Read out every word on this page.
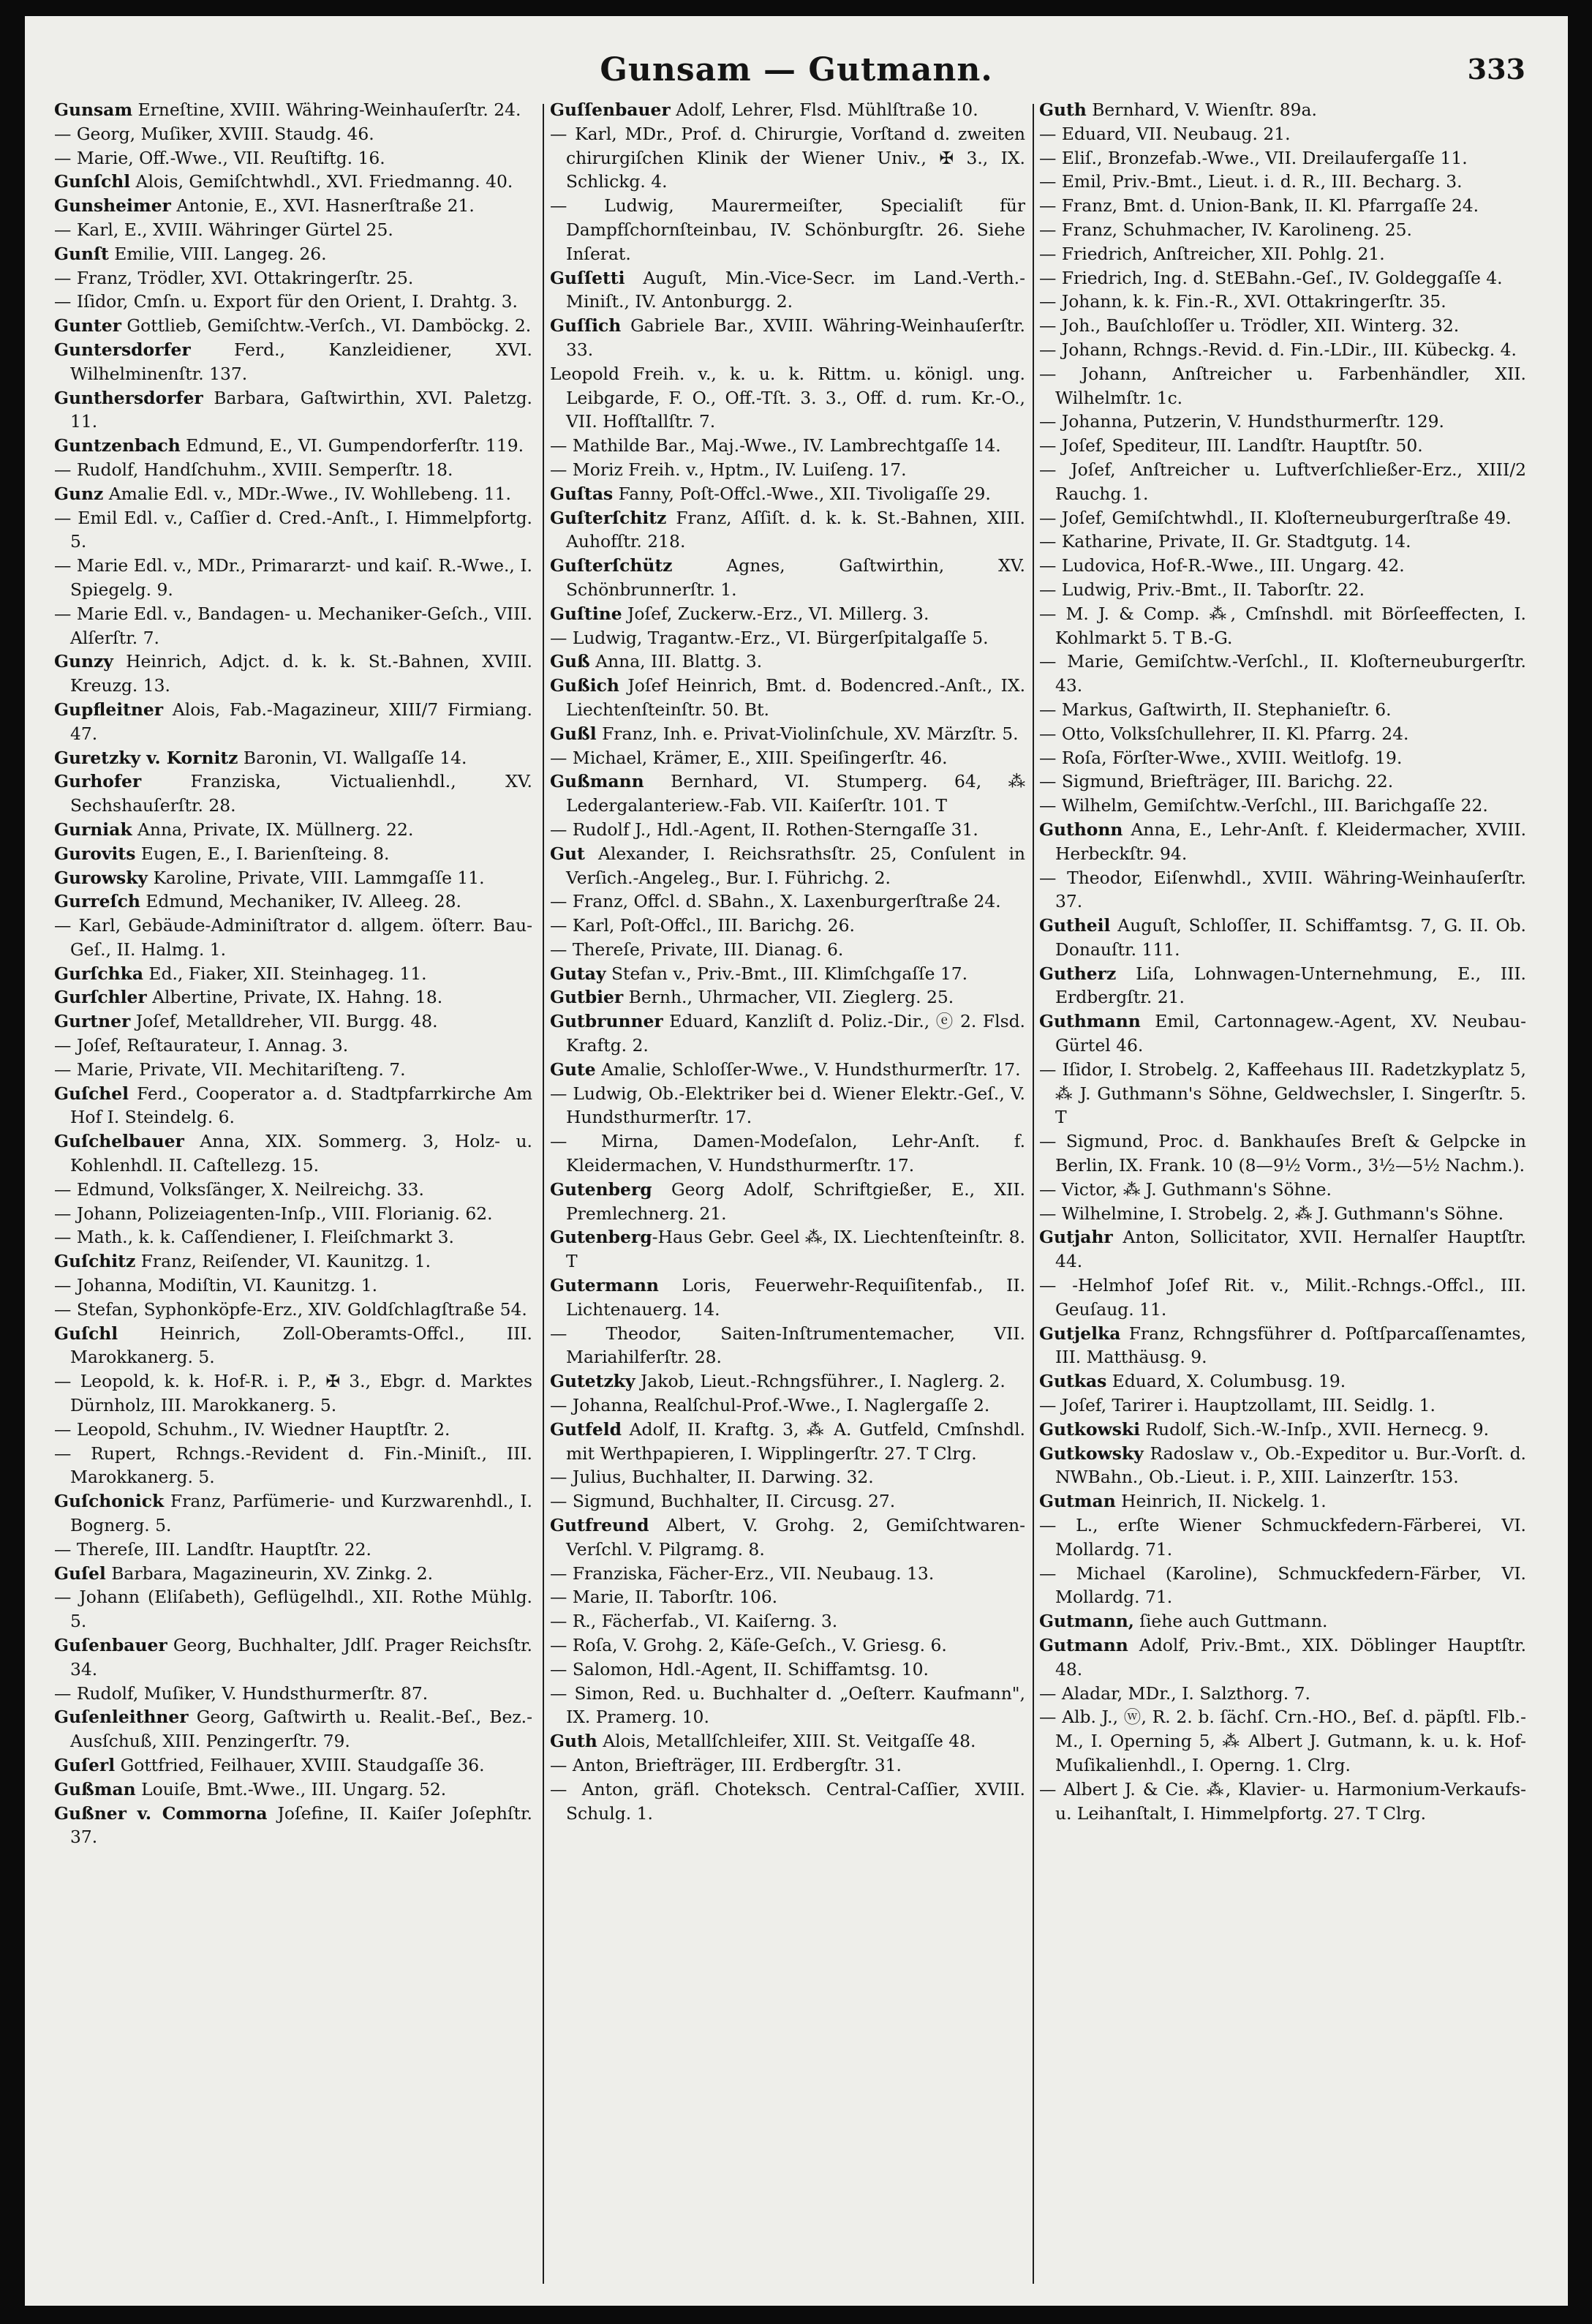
Gunsam — Gutmann.	333
Gunsam Erneſtine, XVIII. Währing-Weinhauſerſtr. 24.
— Georg, Muſiker, XVIII. Staudg. 46.
— Marie, Off.-Wwe., VII. Reuſtiftg. 16.
Gunſchl Alois, Gemiſchtwhdl., XVI. Friedmanng. 40.
Gunsheimer Antonie, E., XVI. Hasnerſtraße 21.
— Karl, E., XVIII. Währinger Gürtel 25.
Gunſt Emilie, VIII. Langeg. 26.
— Franz, Trödler, XVI. Ottakringerſtr. 25.
— Iſidor, Cmſn. u. Export für den Orient, I. Drahtg. 3.
Gunter Gottlieb, Gemiſchtw.-Verſch., VI. Damböckg. 2.
Guntersdorfer Ferd., Kanzleidiener, XVI. Wilhelminenſtr. 137.
Gunthersdorfer Barbara, Gaſtwirthin, XVI. Paletzg. 11.
Guntzenbach Edmund, E., VI. Gumpendorferſtr. 119.
— Rudolf, Handſchuhm., XVIII. Semperſtr. 18.
Gunz Amalie Edl. v., MDr.-Wwe., IV. Wohllebeng. 11.
— Emil Edl. v., Caſſier d. Cred.-Anſt., I. Himmelpfortg. 5.
— Marie Edl. v., MDr., Primararzt- und kaiſ. R.-Wwe., I. Spiegelg. 9.
— Marie Edl. v., Bandagen- u. Mechaniker-Geſch., VIII. Alſerſtr. 7.
Gunzy Heinrich, Adjct. d. k. k. St.-Bahnen, XVIII. Kreuzg. 13.
Gupfleitner Alois, Fab.-Magazineur, XIII/7 Firmiang. 47.
Guretzky v. Kornitz Baronin, VI. Wallgaſſe 14.
Gurhofer Franziska, Victualienhdl., XV. Sechshauſerſtr. 28.
Gurniak Anna, Private, IX. Müllnerg. 22.
Gurovits Eugen, E., I. Barienſteing. 8.
Gurowsky Karoline, Private, VIII. Lammgaſſe 11.
Gurreſch Edmund, Mechaniker, IV. Alleeg. 28.
— Karl, Gebäude-Adminiſtrator d. allgem. öſterr. Bau-Geſ., II. Halmg. 1.
Gurſchka Ed., Fiaker, XII. Steinhageg. 11.
Gurſchler Albertine, Private, IX. Hahng. 18.
Gurtner Joſef, Metalldreher, VII. Burgg. 48.
— Joſef, Reſtaurateur, I. Annag. 3.
— Marie, Private, VII. Mechitariſteng. 7.
Guſchel Ferd., Cooperator a. d. Stadtpfarrkirche Am Hof I. Steindelg. 6.
Guſchelbauer Anna, XIX. Sommerg. 3, Holz- u. Kohlenhdl. II. Caſtellezg. 15.
— Edmund, Volksſänger, X. Neilreichg. 33.
— Johann, Polizeiagenten-Inſp., VIII. Florianig. 62.
— Math., k. k. Caſſendiener, I. Fleiſchmarkt 3.
Guſchitz Franz, Reiſender, VI. Kaunitzg. 1.
— Johanna, Modiſtin, VI. Kaunitzg. 1.
— Stefan, Syphonköpfe-Erz., XIV. Goldſchlagſtraße 54.
Guſchl Heinrich, Zoll-Oberamts-Offcl., III. Marokkanerg. 5.
— Leopold, k. k. Hof-R. i. P., ✠ 3., Ebgr. d. Marktes Dürnholz, III. Marokkanerg. 5.
— Leopold, Schuhm., IV. Wiedner Hauptſtr. 2.
— Rupert, Rchngs.-Revident d. Fin.-Miniſt., III. Marokkanerg. 5.
Guſchonick Franz, Parfümerie- und Kurzwarenhdl., I. Bognerg. 5.
— Thereſe, III. Landſtr. Hauptſtr. 22.
Guſel Barbara, Magazineurin, XV. Zinkg. 2.
— Johann (Eliſabeth), Geflügelhdl., XII. Rothe Mühlg. 5.
Guſenbauer Georg, Buchhalter, Jdlſ. Prager Reichsſtr. 34.
— Rudolf, Muſiker, V. Hundsthurmerſtr. 87.
Guſenleithner Georg, Gaſtwirth u. Realit.-Beſ., Bez.-Ausſchuß, XIII. Penzingerſtr. 79.
Guſerl Gottfried, Feilhauer, XVIII. Staudgaſſe 36.
Gußman Louiſe, Bmt.-Wwe., III. Ungarg. 52.
Gußner v. Commorna Joſefine, II. Kaiſer Joſephſtr. 37.
Guſſenbauer Adolf, Lehrer, Flsd. Mühlſtraße 10.
— Karl, MDr., Prof. d. Chirurgie, Vorſtand d. zweiten chirurgiſchen Klinik der Wiener Univ., ✠ 3., IX. Schlickg. 4.
— Ludwig, Maurermeiſter, Specialiſt für Dampfſchornſteinbau, IV. Schönburgſtr. 26. Siehe Inſerat.
Guſſetti Auguſt, Min.-Vice-Secr. im Land.-Verth.-Miniſt., IV. Antonburgg. 2.
Guſſich Gabriele Bar., XVIII. Währing-Weinhauſerſtr. 33.
Leopold Freih. v., k. u. k. Rittm. u. königl. ung. Leibgarde, F. O., Off.-Tſt. 3. 3., Off. d. rum. Kr.-O., VII. Hofſtallſtr. 7.
— Mathilde Bar., Maj.-Wwe., IV. Lambrechtgaſſe 14.
— Moriz Freih. v., Hptm., IV. Luiſeng. 17.
Guſtas Fanny, Poſt-Offcl.-Wwe., XII. Tivoligaſſe 29.
Guſterſchitz Franz, Aſſiſt. d. k. k. St.-Bahnen, XIII. Auhofſtr. 218.
Guſterſchütz Agnes, Gaſtwirthin, XV. Schönbrunnerſtr. 1.
Guſtine Joſef, Zuckerw.-Erz., VI. Millerg. 3.
— Ludwig, Tragantw.-Erz., VI. Bürgerſpitalgaſſe 5.
Guß Anna, III. Blattg. 3.
Gußich Joſef Heinrich, Bmt. d. Bodencred.-Anſt., IX. Liechtenſteinſtr. 50. Bt.
Gußl Franz, Inh. e. Privat-Violinſchule, XV. Märzſtr. 5.
— Michael, Krämer, E., XIII. Speiſingerſtr. 46.
Gußmann Bernhard, VI. Stumperg. 64, ⁂ Ledergalanteriew.-Fab. VII. Kaiſerſtr. 101. T
— Rudolf J., Hdl.-Agent, II. Rothen-Sterngaſſe 31.
Gut Alexander, I. Reichsrathsſtr. 25, Conſulent in Verſich.-Angeleg., Bur. I. Führichg. 2.
— Franz, Offcl. d. SBahn., X. Laxenburgerſtraße 24.
— Karl, Poſt-Offcl., III. Barichg. 26.
— Thereſe, Private, III. Dianag. 6.
Gutay Stefan v., Priv.-Bmt., III. Klimſchgaſſe 17.
Gutbier Bernh., Uhrmacher, VII. Zieglerg. 25.
Gutbrunner Eduard, Kanzliſt d. Poliz.-Dir., ⓔ 2. Flsd. Kraftg. 2.
Gute Amalie, Schloſſer-Wwe., V. Hundsthurmerſtr. 17.
— Ludwig, Ob.-Elektriker bei d. Wiener Elektr.-Geſ., V. Hundsthurmerſtr. 17.
— Mirna, Damen-Modeſalon, Lehr-Anſt. f. Kleidermachen, V. Hundsthurmerſtr. 17.
Gutenberg Georg Adolf, Schriftgießer, E., XII. Premlechnerg. 21.
Gutenberg-Haus Gebr. Geel ⁂, IX. Liechtenſteinſtr. 8. T
Gutermann Loris, Feuerwehr-Requiſitenfab., II. Lichtenauerg. 14.
— Theodor, Saiten-Inſtrumentemacher, VII. Mariahilferſtr. 28.
Gutetzky Jakob, Lieut.-Rchngsführer., I. Naglerg. 2.
— Johanna, Realſchul-Prof.-Wwe., I. Naglergaſſe 2.
Gutfeld Adolf, II. Kraftg. 3, ⁂ A. Gutfeld, Cmſnshdl. mit Werthpapieren, I. Wipplingerſtr. 27. T Clrg.
— Julius, Buchhalter, II. Darwing. 32.
— Sigmund, Buchhalter, II. Circusg. 27.
Gutfreund Albert, V. Grohg. 2, Gemiſchtwaren-Verſchl. V. Pilgramg. 8.
— Franziska, Fächer-Erz., VII. Neubaug. 13.
— Marie, II. Taborſtr. 106.
— R., Fächerfab., VI. Kaiſerng. 3.
— Roſa, V. Grohg. 2, Käſe-Geſch., V. Griesg. 6.
— Salomon, Hdl.-Agent, II. Schiffamtsg. 10.
— Simon, Red. u. Buchhalter d. „Oeſterr. Kaufmann", IX. Pramerg. 10.
Guth Alois, Metallſchleifer, XIII. St. Veitgaſſe 48.
— Anton, Briefträger, III. Erdbergſtr. 31.
— Anton, gräfl. Choteksch. Central-Caſſier, XVIII. Schulg. 1.
Guth Bernhard, V. Wienſtr. 89a.
— Eduard, VII. Neubaug. 21.
— Eliſ., Bronzefab.-Wwe., VII. Dreilaufergaſſe 11.
— Emil, Priv.-Bmt., Lieut. i. d. R., III. Becharg. 3.
— Franz, Bmt. d. Union-Bank, II. Kl. Pfarrgaſſe 24.
— Franz, Schuhmacher, IV. Karolineng. 25.
— Friedrich, Anſtreicher, XII. Pohlg. 21.
— Friedrich, Ing. d. StEBahn.-Geſ., IV. Goldeggaſſe 4.
— Johann, k. k. Fin.-R., XVI. Ottakringerſtr. 35.
— Joh., Bauſchloſſer u. Trödler, XII. Winterg. 32.
— Johann, Rchngs.-Revid. d. Fin.-LDir., III. Kübeckg. 4.
— Johann, Anſtreicher u. Farbenhändler, XII. Wilhelmſtr. 1c.
— Johanna, Putzerin, V. Hundsthurmerſtr. 129.
— Joſef, Spediteur, III. Landſtr. Hauptſtr. 50.
— Joſef, Anſtreicher u. Luftverſchließer-Erz., XIII/2 Rauchg. 1.
— Joſef, Gemiſchtwhdl., II. Kloſterneuburgerſtraße 49.
— Katharine, Private, II. Gr. Stadtgutg. 14.
— Ludovica, Hof-R.-Wwe., III. Ungarg. 42.
— Ludwig, Priv.-Bmt., II. Taborſtr. 22.
— M. J. & Comp. ⁂, Cmſnshdl. mit Börſeeffecten, I. Kohlmarkt 5. T B.-G.
— Marie, Gemiſchtw.-Verſchl., II. Kloſterneuburgerſtr. 43.
— Markus, Gaſtwirth, II. Stephanieſtr. 6.
— Otto, Volksſchullehrer, II. Kl. Pfarrg. 24.
— Roſa, Förſter-Wwe., XVIII. Weitlofg. 19.
— Sigmund, Briefträger, III. Barichg. 22.
— Wilhelm, Gemiſchtw.-Verſchl., III. Barichgaſſe 22.
Guthonn Anna, E., Lehr-Anſt. f. Kleidermacher, XVIII. Herbeckſtr. 94.
— Theodor, Eiſenwhdl., XVIII. Währing-Weinhauſerſtr. 37.
Gutheil Auguſt, Schloſſer, II. Schiffamtsg. 7, G. II. Ob. Donauſtr. 111.
Gutherz Liſa, Lohnwagen-Unternehmung, E., III. Erdbergſtr. 21.
Guthmann Emil, Cartonnagew.-Agent, XV. Neubau-Gürtel 46.
— Iſidor, I. Strobelg. 2, Kaffeehaus III. Radetzkyplatz 5, ⁂ J. Guthmann's Söhne, Geldwechsler, I. Singerſtr. 5. T
— Sigmund, Proc. d. Bankhauſes Breſt & Gelpcke in Berlin, IX. Frank. 10 (8—9½ Vorm., 3½—5½ Nachm.).
— Victor, ⁂ J. Guthmann's Söhne.
— Wilhelmine, I. Strobelg. 2, ⁂ J. Guthmann's Söhne.
Gutjahr Anton, Sollicitator, XVII. Hernalſer Hauptſtr. 44.
— -Helmhof Joſef Rit. v., Milit.-Rchngs.-Offcl., III. Geuſaug. 11.
Gutjelka Franz, Rchngsführer d. Poſtſparcaſſenamtes, III. Matthäusg. 9.
Gutkas Eduard, X. Columbusg. 19.
— Joſef, Tarirer i. Hauptzollamt, III. Seidlg. 1.
Gutkowski Rudolf, Sich.-W.-Inſp., XVII. Hernecg. 9.
Gutkowsky Radoslaw v., Ob.-Expeditor u. Bur.-Vorſt. d. NWBahn., Ob.-Lieut. i. P., XIII. Lainzerſtr. 153.
Gutman Heinrich, II. Nickelg. 1.
— L., erſte Wiener Schmuckfedern-Färberei, VI. Mollardg. 71.
— Michael (Karoline), Schmuckfedern-Färber, VI. Mollardg. 71.
Gutmann, ſiehe auch Guttmann.
Gutmann Adolf, Priv.-Bmt., XIX. Döblinger Hauptſtr. 48.
— Aladar, MDr., I. Salzthorg. 7.
— Alb. J., ⓦ, R. 2. b. ſächſ. Crn.-HO., Beſ. d. päpſtl. Flb.-M., I. Operning 5, ⁂ Albert J. Gutmann, k. u. k. Hof-Muſikalienhdl., I. Operng. 1. Clrg.
— Albert J. & Cie. ⁂, Klavier- u. Harmonium-Verkaufs- u. Leihanſtalt, I. Himmelpfortg. 27. T Clrg.
